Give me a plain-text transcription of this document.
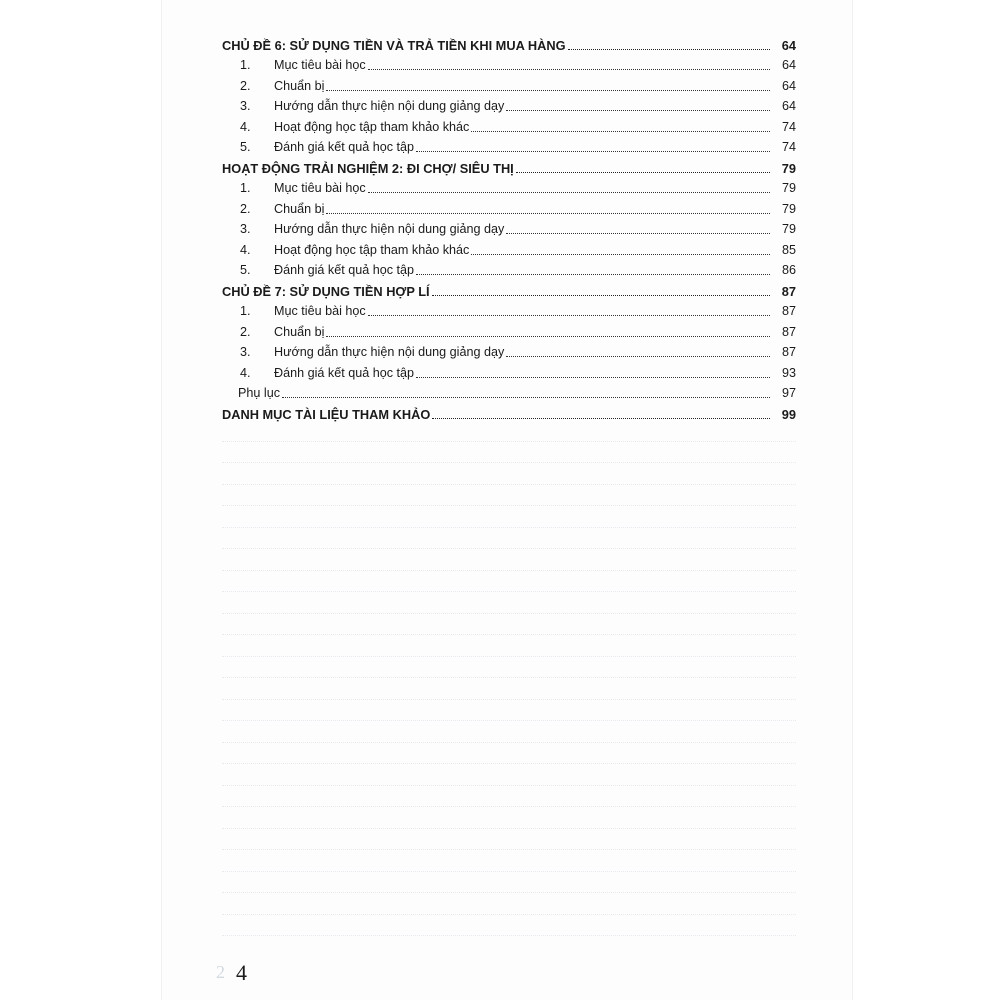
CHỦ ĐỀ 6: SỬ DỤNG TIỀN VÀ TRẢ TIỀN KHI MUA HÀNG	64
1.	Mục tiêu bài học	64
2.	Chuẩn bị	64
3.	Hướng dẫn thực hiện nội dung giảng dạy	64
4.	Hoạt động học tập tham khảo khác	74
5.	Đánh giá kết quả học tập	74
HOẠT ĐỘNG TRẢI NGHIỆM 2: ĐI CHỢ/ SIÊU THỊ	79
1.	Mục tiêu bài học	79
2.	Chuẩn bị	79
3.	Hướng dẫn thực hiện nội dung giảng dạy	79
4.	Hoạt động học tập tham khảo khác	85
5.	Đánh giá kết quả học tập	86
CHỦ ĐỀ 7: SỬ DỤNG TIỀN HỢP LÍ	87
1.	Mục tiêu bài học	87
2.	Chuẩn bị	87
3.	Hướng dẫn thực hiện nội dung giảng dạy	87
4.	Đánh giá kết quả học tập	93
Phụ lục	97
DANH MỤC TÀI LIỆU THAM KHẢO	99
2 4
